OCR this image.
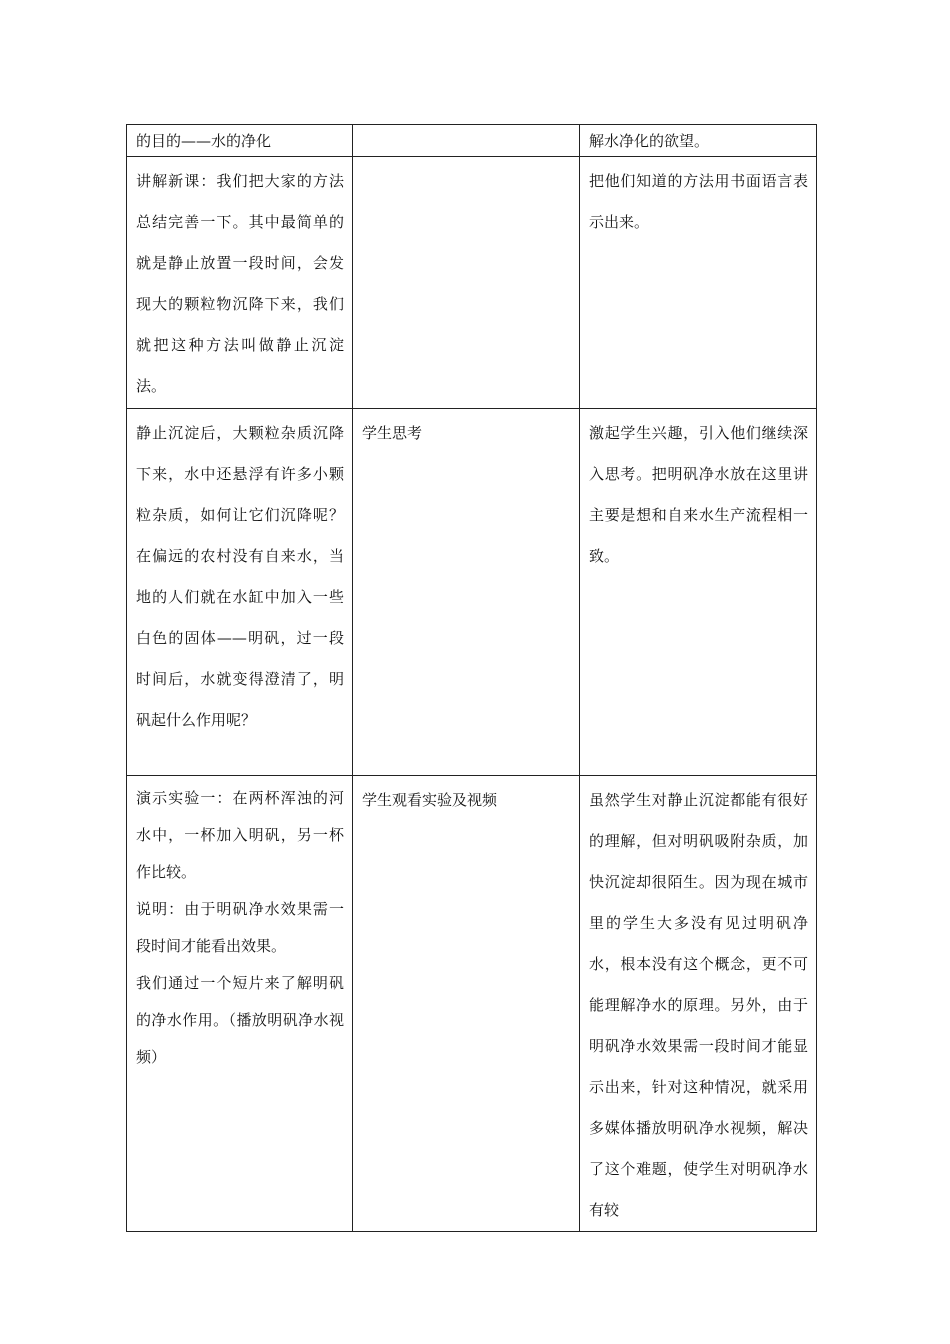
的目的——水的净化		解水净化的欲望。

讲解新课：我们把大家的方法总结完善一下。其中最简单的就是静止放置一段时间，会发现大的颗粒物沉降下来，我们就把这种方法叫做静止沉淀法。		把他们知道的方法用书面语言表示出来。

静止沉淀后，大颗粒杂质沉降下来，水中还悬浮有许多小颗粒杂质，如何让它们沉降呢？在偏远的农村没有自来水，当地的人们就在水缸中加入一些白色的固体——明矾，过一段时间后，水就变得澄清了，明矾起什么作用呢？	学生思考	激起学生兴趣，引入他们继续深入思考。把明矾净水放在这里讲主要是想和自来水生产流程相一致。

演示实验一：在两杯浑浊的河水中，一杯加入明矾，另一杯作比较。
说明：由于明矾净水效果需一段时间才能看出效果。
我们通过一个短片来了解明矾的净水作用。（播放明矾净水视频）	学生观看实验及视频	虽然学生对静止沉淀都能有很好的理解，但对明矾吸附杂质，加快沉淀却很陌生。因为现在城市里的学生大多没有见过明矾净水，根本没有这个概念，更不可能理解净水的原理。另外，由于明矾净水效果需一段时间才能显示出来，针对这种情况，就采用多媒体播放明矾净水视频，解决了这个难题，使学生对明矾净水有较
